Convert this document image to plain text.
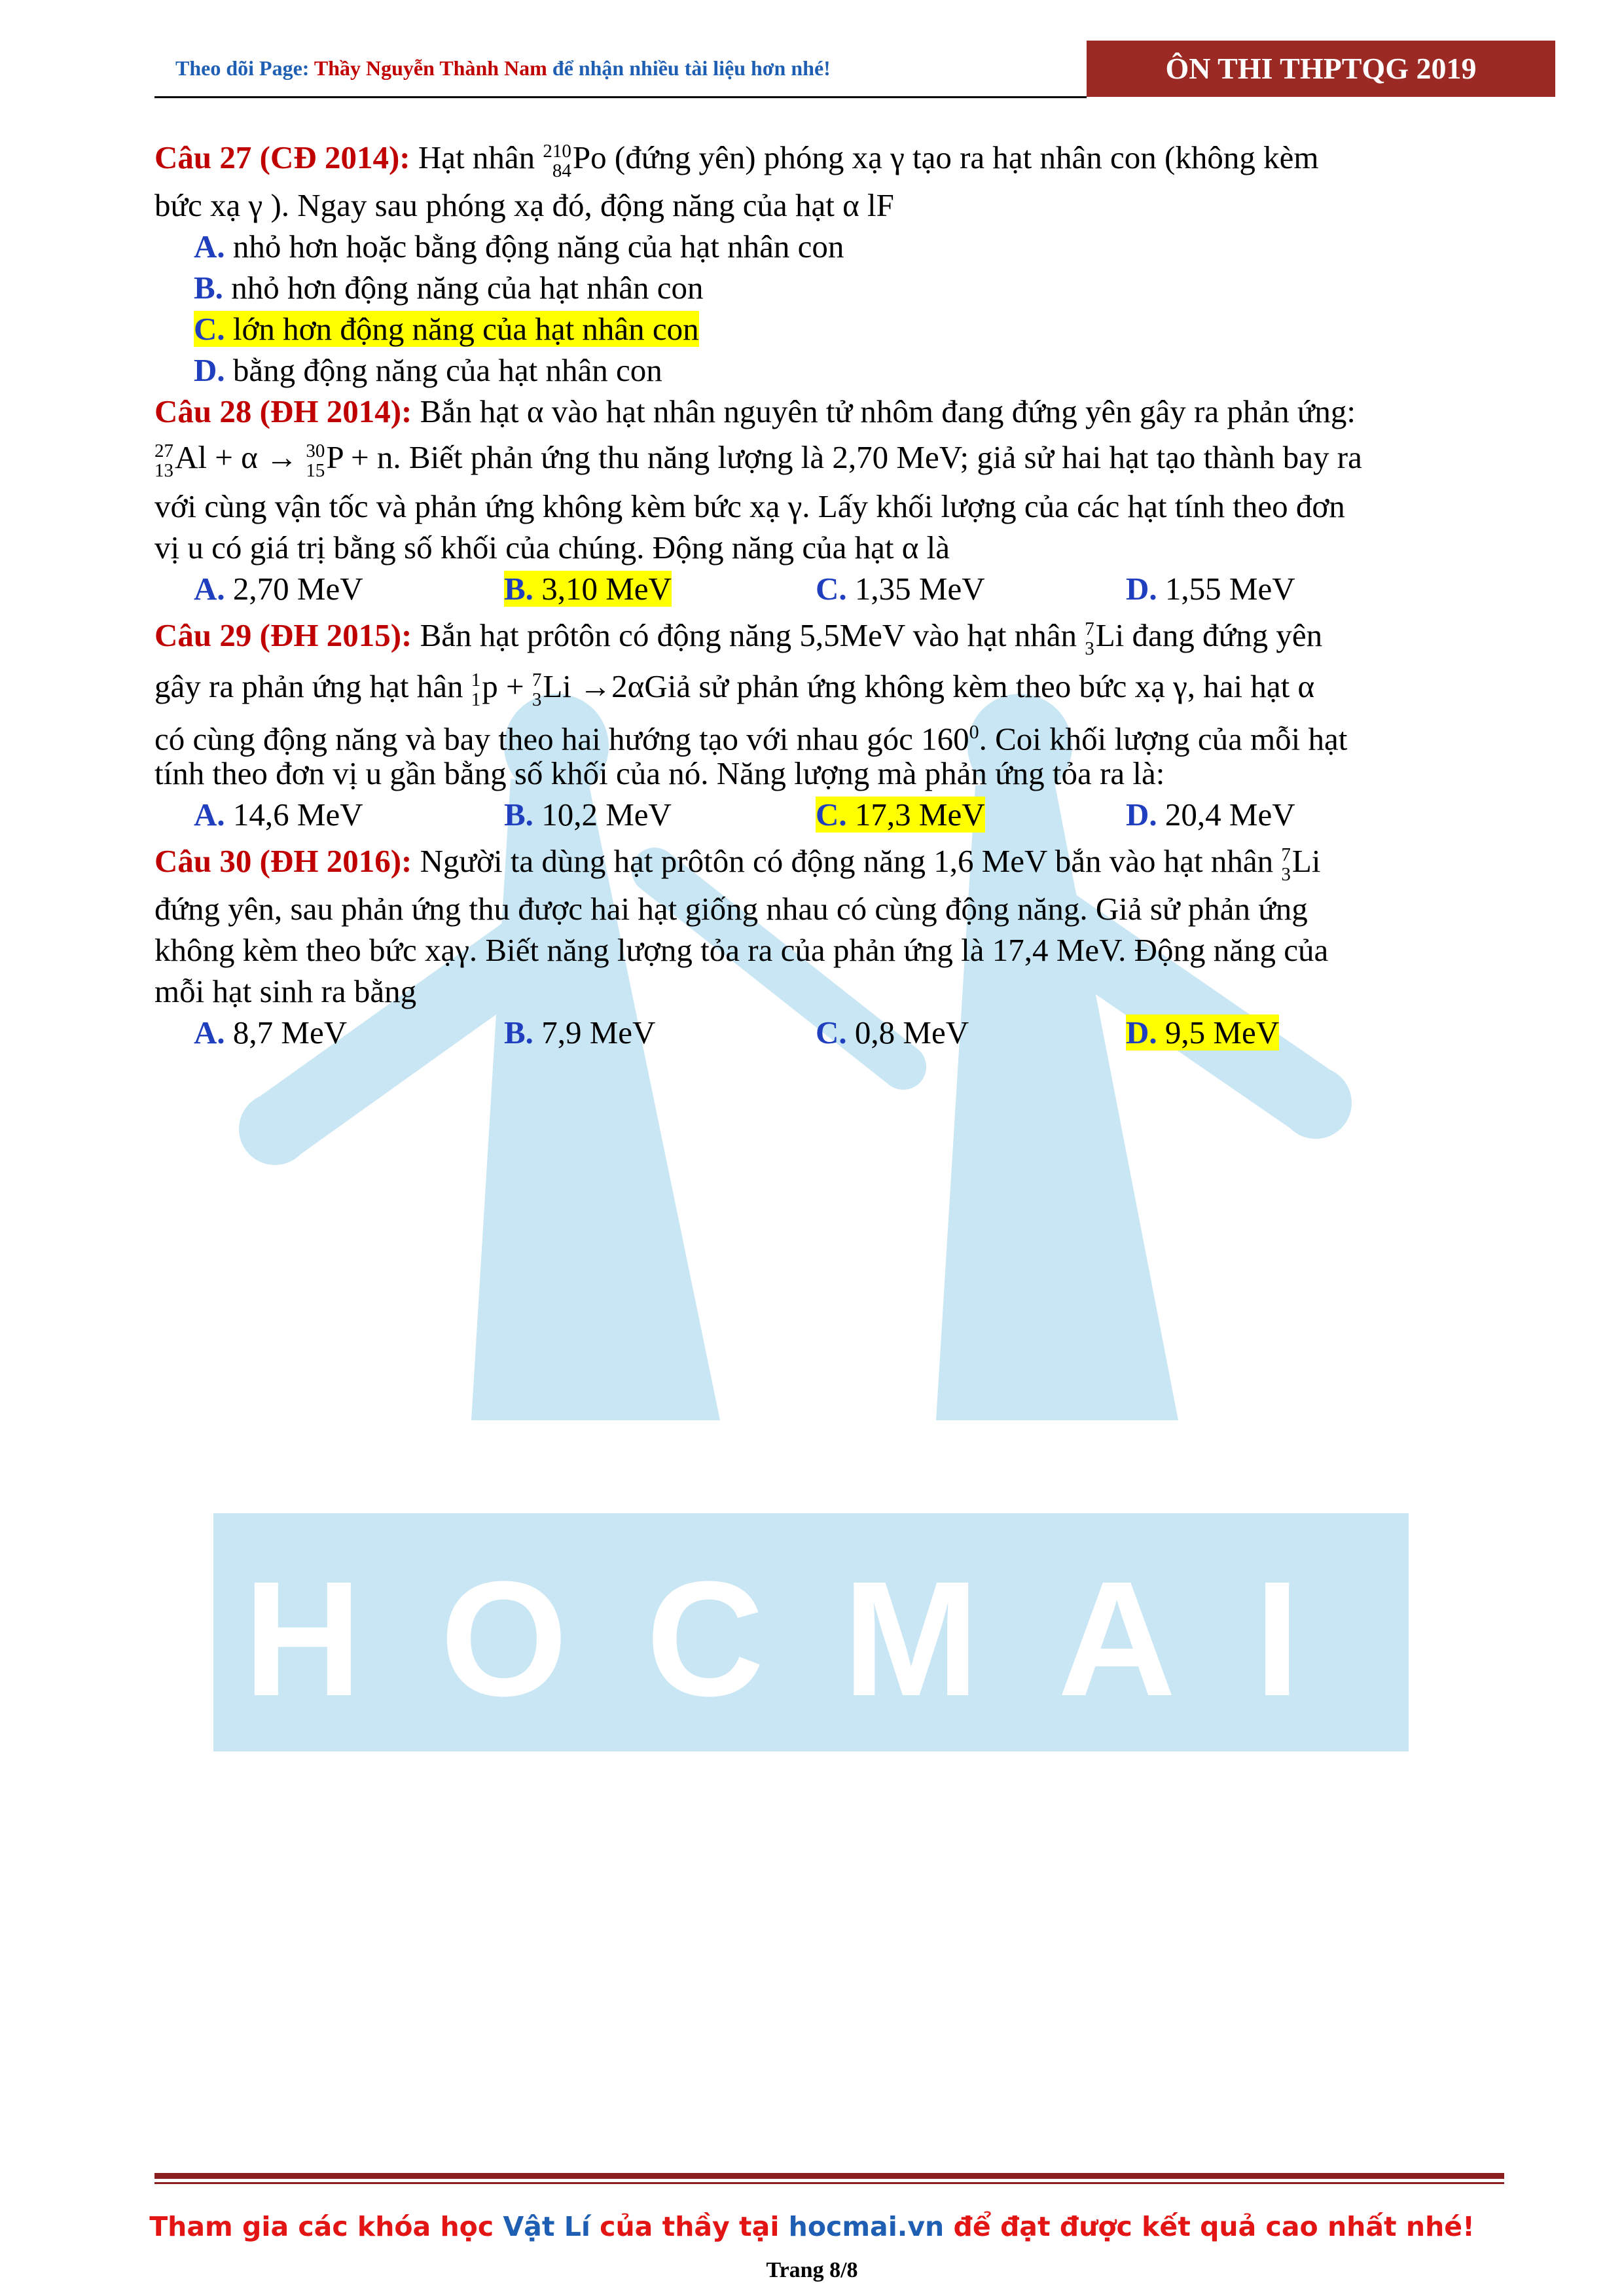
Theo dõi Page: Thầy Nguyễn Thành Nam để nhận nhiều tài liệu hơn nhé!	ÔN THI THPTQG 2019
HOCMAI
Câu 27 (CĐ 2014): Hạt nhân 210
84 Po (đứng yên) phóng xạ γ tạo ra hạt nhân con (không kèm
bức xạ γ ). Ngay sau phóng xạ đó, động năng của hạt α lF
A. nhỏ hơn hoặc bằng động năng của hạt nhân con
B. nhỏ hơn động năng của hạt nhân con
C. lớn hơn động năng của hạt nhân con
D. bằng động năng của hạt nhân con
Câu 28 (ĐH 2014): Bắn hạt α vào hạt nhân nguyên tử nhôm đang đứng yên gây ra phản ứng:
27
13 Al + α → 30
15 P + n. Biết phản ứng thu năng lượng là 2,70 MeV; giả sử hai hạt tạo thành bay ra
với cùng vận tốc và phản ứng không kèm bức xạ γ. Lấy khối lượng của các hạt tính theo đơn
vị u có giá trị bằng số khối của chúng. Động năng của hạt α là
A. 2,70 MeV	B. 3,10 MeV	C. 1,35 MeV	D. 1,55 MeV
Câu 29 (ĐH 2015): Bắn hạt prôtôn có động năng 5,5MeV vào hạt nhân 7
3 Li đang đứng yên
gây ra phản ứng hạt hân 1
1 p + 7
3 Li →2αGiả sử phản ứng không kèm theo bức xạ γ, hai hạt α
có cùng động năng và bay theo hai hướng tạo với nhau góc $160^0$. Coi khối lượng của mỗi hạt
tính theo đơn vị u gần bằng số khối của nó. Năng lượng mà phản ứng tỏa ra là:
A. 14,6 MeV	B. 10,2 MeV	C. 17,3 MeV	D. 20,4 MeV
Câu 30 (ĐH 2016): Người ta dùng hạt prôtôn có động năng 1,6 MeV bắn vào hạt nhân 7
3 Li
đứng yên, sau phản ứng thu được hai hạt giống nhau có cùng động năng. Giả sử phản ứng
không kèm theo bức xạγ. Biết năng lượng tỏa ra của phản ứng là 17,4 MeV. Động năng của
mỗi hạt sinh ra bằng
A. 8,7 MeV	B. 7,9 MeV	C. 0,8 MeV	D. 9,5 MeV
Tham gia các khóa học Vật Lí của thầy tại hocmai.vn để đạt được kết quả cao nhất nhé!
Trang 8/8
